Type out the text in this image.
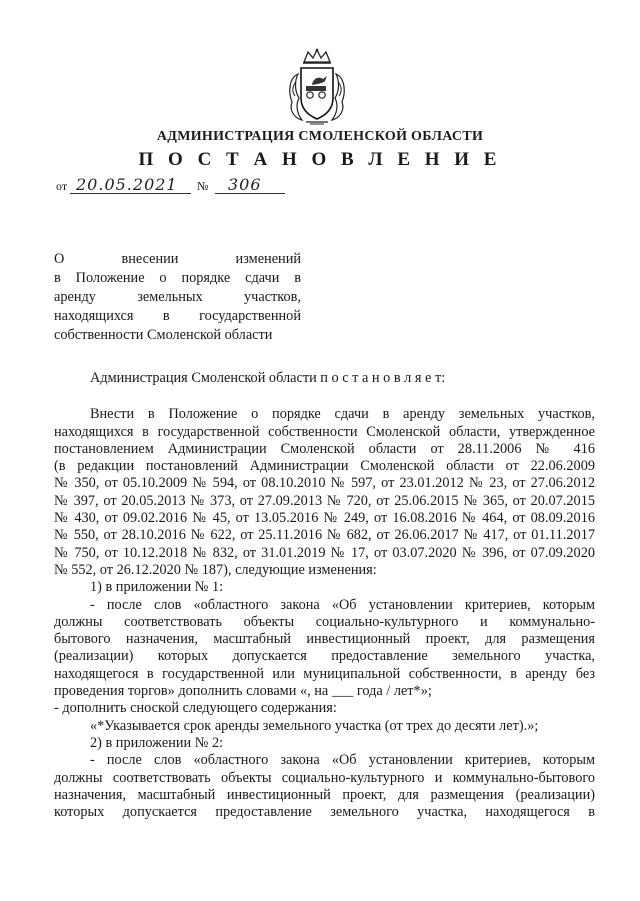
АДМИНИСТРАЦИЯ СМОЛЕНСКОЙ ОБЛАСТИ
П О С Т А Н О В Л Е Н И Е
от 20.05.2021 № 306
О внесении изменений
в Положение о порядке сдачи в
аренду земельных участков,
находящихся в государственной
собственности Смоленской области
Администрация Смоленской области п о с т а н о в л я е т:
Внести в Положение о порядке сдачи в аренду земельных участков,
находящихся в государственной собственности Смоленской области, утвержденное
постановлением Администрации Смоленской области от 28.11.2006 № 416
(в редакции постановлений Администрации Смоленской области от 22.06.2009
№ 350, от 05.10.2009 № 594, от 08.10.2010 № 597, от 23.01.2012 № 23, от 27.06.2012
№ 397, от 20.05.2013 № 373, от 27.09.2013 № 720, от 25.06.2015 № 365, от 20.07.2015
№ 430, от 09.02.2016 № 45, от 13.05.2016 № 249, от 16.08.2016 № 464, от 08.09.2016
№ 550, от 28.10.2016 № 622, от 25.11.2016 № 682, от 26.06.2017 № 417, от 01.11.2017
№ 750, от 10.12.2018 № 832, от 31.01.2019 № 17, от 03.07.2020 № 396, от 07.09.2020
№ 552, от 26.12.2020 № 187), следующие изменения:
1) в приложении № 1:
- после слов «областного закона «Об установлении критериев, которым
должны соответствовать объекты социально-культурного и коммунально-
бытового назначения, масштабный инвестиционный проект, для размещения
(реализации) которых допускается предоставление земельного участка,
находящегося в государственной или муниципальной собственности, в аренду без
проведения торгов» дополнить словами «, на ___ года / лет*»;
- дополнить сноской следующего содержания:
«*Указывается срок аренды земельного участка (от трех до десяти лет).»;
2) в приложении № 2:
- после слов «областного закона «Об установлении критериев, которым
должны соответствовать объекты социально-культурного и коммунально-бытового
назначения, масштабный инвестиционный проект, для размещения (реализации)
которых допускается предоставление земельного участка, находящегося в
